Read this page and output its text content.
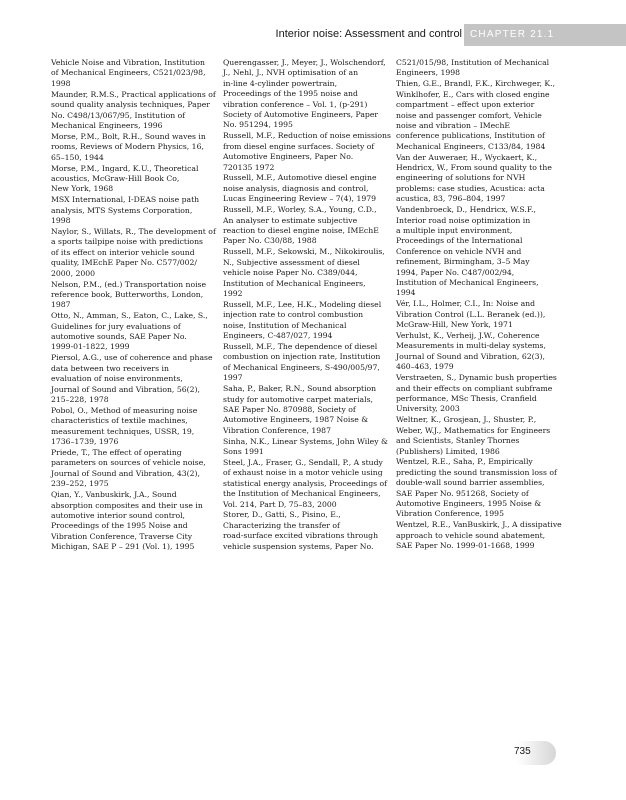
Interior noise: Assessment and control CHAPTER 21.1
Vehicle Noise and Vibration, Institution
of Mechanical Engineers, C521/023/98,
1998
Maunder, R.M.S., Practical applications of
sound quality analysis techniques, Paper
No. C498/13/067/95, Institution of
Mechanical Engineers, 1996
Morse, P.M., Bolt, R.H., Sound waves in
rooms, Reviews of Modern Physics, 16,
65–150, 1944
Morse, P.M., Ingard, K.U., Theoretical
acoustics, McGraw-Hill Book Co,
New York, 1968
MSX International, I-DEAS noise path
analysis, MTS Systems Corporation,
1998
Naylor, S., Willats, R., The development of
a sports tailpipe noise with predictions
of its effect on interior vehicle sound
quality, IMEchE Paper No. C577/002/
2000, 2000
Nelson, P.M., (ed.) Transportation noise
reference book, Butterworths, London,
1987
Otto, N., Amman, S., Eaton, C., Lake, S.,
Guidelines for jury evaluations of
automotive sounds, SAE Paper No.
1999-01-1822, 1999
Piersol, A.G., use of coherence and phase
data between two receivers in
evaluation of noise environments,
Journal of Sound and Vibration, 56(2),
215–228, 1978
Pobol, O., Method of measuring noise
characteristics of textile machines,
measurement techniques, USSR, 19,
1736–1739, 1976
Priede, T., The effect of operating
parameters on sources of vehicle noise,
Journal of Sound and Vibration, 43(2),
239–252, 1975
Qian, Y., Vanbuskirk, J.A., Sound
absorption composites and their use in
automotive interior sound control,
Proceedings of the 1995 Noise and
Vibration Conference, Traverse City
Michigan, SAE P – 291 (Vol. 1), 1995
Querengasser, J., Meyer, J., Wolschendorf,
J., Nehl, J., NVH optimisation of an
in-line 4-cylinder powertrain,
Proceedings of the 1995 noise and
vibration conference – Vol. 1, (p-291)
Society of Automotive Engineers, Paper
No. 951294, 1995
Russell, M.F., Reduction of noise emissions
from diesel engine surfaces. Society of
Automotive Engineers, Paper No.
720135 1972
Russell, M.F., Automotive diesel engine
noise analysis, diagnosis and control,
Lucas Engineering Review – 7(4), 1979
Russell, M.F., Worley, S.A., Young, C.D.,
An analyser to estimate subjective
reaction to diesel engine noise, IMEchE
Paper No. C30/88, 1988
Russell, M.F., Sekowski, M., Nikokiroulis,
N., Subjective assessment of diesel
vehicle noise Paper No. C389/044,
Institution of Mechanical Engineers,
1992
Russell, M.F., Lee, H.K., Modeling diesel
injection rate to control combustion
noise, Institution of Mechanical
Engineers, C-487/027, 1994
Russell, M.F., The dependence of diesel
combustion on injection rate, Institution
of Mechanical Engineers, S-490/005/97,
1997
Saha, P., Baker, R.N., Sound absorption
study for automotive carpet materials,
SAE Paper No. 870988, Society of
Automotive Engineers, 1987 Noise &
Vibration Conference, 1987
Sinha, N.K., Linear Systems, John Wiley &
Sons 1991
Steel, J.A., Fraser, G., Sendall, P., A study
of exhaust noise in a motor vehicle using
statistical energy analysis, Proceedings of
the Institution of Mechanical Engineers,
Vol. 214, Part D, 75–83, 2000
Storer, D., Gatti, S., Pisino, E.,
Characterizing the transfer of
road-surface excited vibrations through
vehicle suspension systems, Paper No.
C521/015/98, Institution of Mechanical
Engineers, 1998
Thien, G.E., Brandl, F.K., Kirchweger, K.,
Winklhofer, E., Cars with closed engine
compartment – effect upon exterior
noise and passenger comfort, Vehicle
noise and vibration – IMechE
conference publications, Institution of
Mechanical Engineers, C133/84, 1984
Van der Auweraer, H., Wyckaert, K.,
Hendricx, W., From sound quality to the
engineering of solutions for NVH
problems: case studies, Acustica: acta
acustica, 83, 796–804, 1997
Vandenbroeck, D., Hendricx, W.S.F.,
Interior road noise optimization in
a multiple input environment,
Proceedings of the International
Conference on vehicle NVH and
refinement, Birmingham, 3–5 May
1994, Paper No. C487/002/94,
Institution of Mechanical Engineers,
1994
Vér, I.L., Holmer, C.I., In: Noise and
Vibration Control (L.L. Beranek (ed.)),
McGraw-Hill, New York, 1971
Verhulst, K., Verheij, J.W., Coherence
Measurements in multi-delay systems,
Journal of Sound and Vibration, 62(3),
460–463, 1979
Verstraeten, S., Dynamic bush properties
and their effects on compliant subframe
performance, MSc Thesis, Cranfield
University, 2003
Weltner, K., Grosjean, J., Shuster, P.,
Weber, W.J., Mathematics for Engineers
and Scientists, Stanley Thornes
(Publishers) Limited, 1986
Wentzel, R.E., Saha, P., Empirically
predicting the sound transmission loss of
double-wall sound barrier assemblies,
SAE Paper No. 951268, Society of
Automotive Engineers, 1995 Noise &
Vibration Conference, 1995
Wentzel, R.E., VanBuskirk, J., A dissipative
approach to vehicle sound abatement,
SAE Paper No. 1999-01-1668, 1999
735
